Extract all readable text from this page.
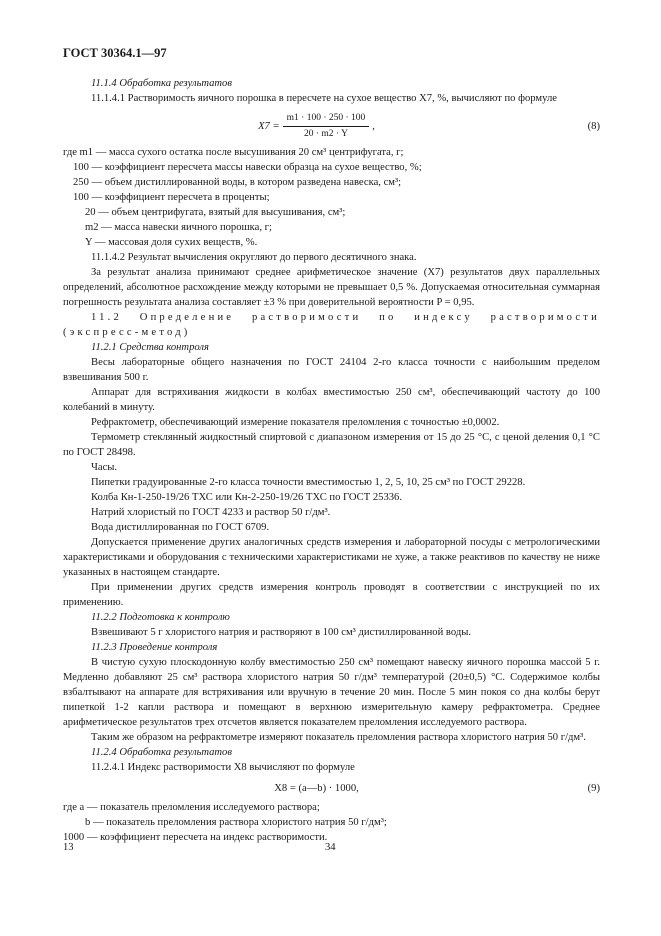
ГОСТ 30364.1—97

11.1.4 Обработка результатов

11.1.4.1 Растворимость яичного порошка в пересчете на сухое вещество X7, %, вычисляют по формуле

$X7 = \frac{m1 \cdot 100 \cdot 250 \cdot 100}{20 \cdot m2 \cdot Y}$ ,	(8)

где m1 — масса сухого остатка после высушивания 20 см³ центрифугата, г;

100 — коэффициент пересчета массы навески образца на сухое вещество, %;

250 — объем дистиллированной воды, в котором разведена навеска, см³;

100 — коэффициент пересчета в проценты;

20 — объем центрифугата, взятый для высушивания, см³;

m2 — масса навески яичного порошка, г;

Y — массовая доля сухих веществ, %.

11.1.4.2 Результат вычисления округляют до первого десятичного знака.

За результат анализа принимают среднее арифметическое значение (X7) результатов двух параллельных определений, абсолютное расхождение между которыми не превышает 0,5 %. Допускаемая относительная суммарная погрешность результата анализа составляет ±3 % при доверительной вероятности P = 0,95.

11.2 Определение растворимости по индексу растворимости (экспресс-метод)

11.2.1 Средства контроля

Весы лабораторные общего назначения по ГОСТ 24104 2-го класса точности с наибольшим пределом взвешивания 500 г.

Аппарат для встряхивания жидкости в колбах вместимостью 250 см³, обеспечивающий частоту до 100 колебаний в минуту.

Рефрактометр, обеспечивающий измерение показателя преломления с точностью ±0,0002.

Термометр стеклянный жидкостный спиртовой с диапазоном измерения от 15 до 25 °С, с ценой деления 0,1 °С по ГОСТ 28498.

Часы.

Пипетки градуированные 2-го класса точности вместимостью 1, 2, 5, 10, 25 см³ по ГОСТ 29228.

Колба Кн-1-250-19/26 ТХС или Кн-2-250-19/26 ТХС по ГОСТ 25336.

Натрий хлористый по ГОСТ 4233 и раствор 50 г/дм³.

Вода дистиллированная по ГОСТ 6709.

Допускается применение других аналогичных средств измерения и лабораторной посуды с метрологическими характеристиками и оборудования с техническими характеристиками не хуже, а также реактивов по качеству не ниже указанных в настоящем стандарте.

При применении других средств измерения контроль проводят в соответствии с инструкцией по их применению.

11.2.2 Подготовка к контролю

Взвешивают 5 г хлористого натрия и растворяют в 100 см³ дистиллированной воды.

11.2.3 Проведение контроля

В чистую сухую плоскодонную колбу вместимостью 250 см³ помещают навеску яичного порошка массой 5 г. Медленно добавляют 25 см³ раствора хлористого натрия 50 г/дм³ температурой (20±0,5) °С. Содержимое колбы взбалтывают на аппарате для встряхивания или вручную в течение 20 мин. После 5 мин покоя со дна колбы берут пипеткой 1-2 капли раствора и помещают в верхнюю измерительную камеру рефрактометра. Среднее арифметическое результатов трех отсчетов является показателем преломления исследуемого раствора.

Таким же образом на рефрактометре измеряют показатель преломления раствора хлористого натрия 50 г/дм³.

11.2.4 Обработка результатов

11.2.4.1 Индекс растворимости X8 вычисляют по формуле

X8 = (a—b) · 1000,	(9)

где a — показатель преломления исследуемого раствора;

b — показатель преломления раствора хлористого натрия 50 г/дм³;

1000 — коэффициент пересчета на индекс растворимости.

13	34
